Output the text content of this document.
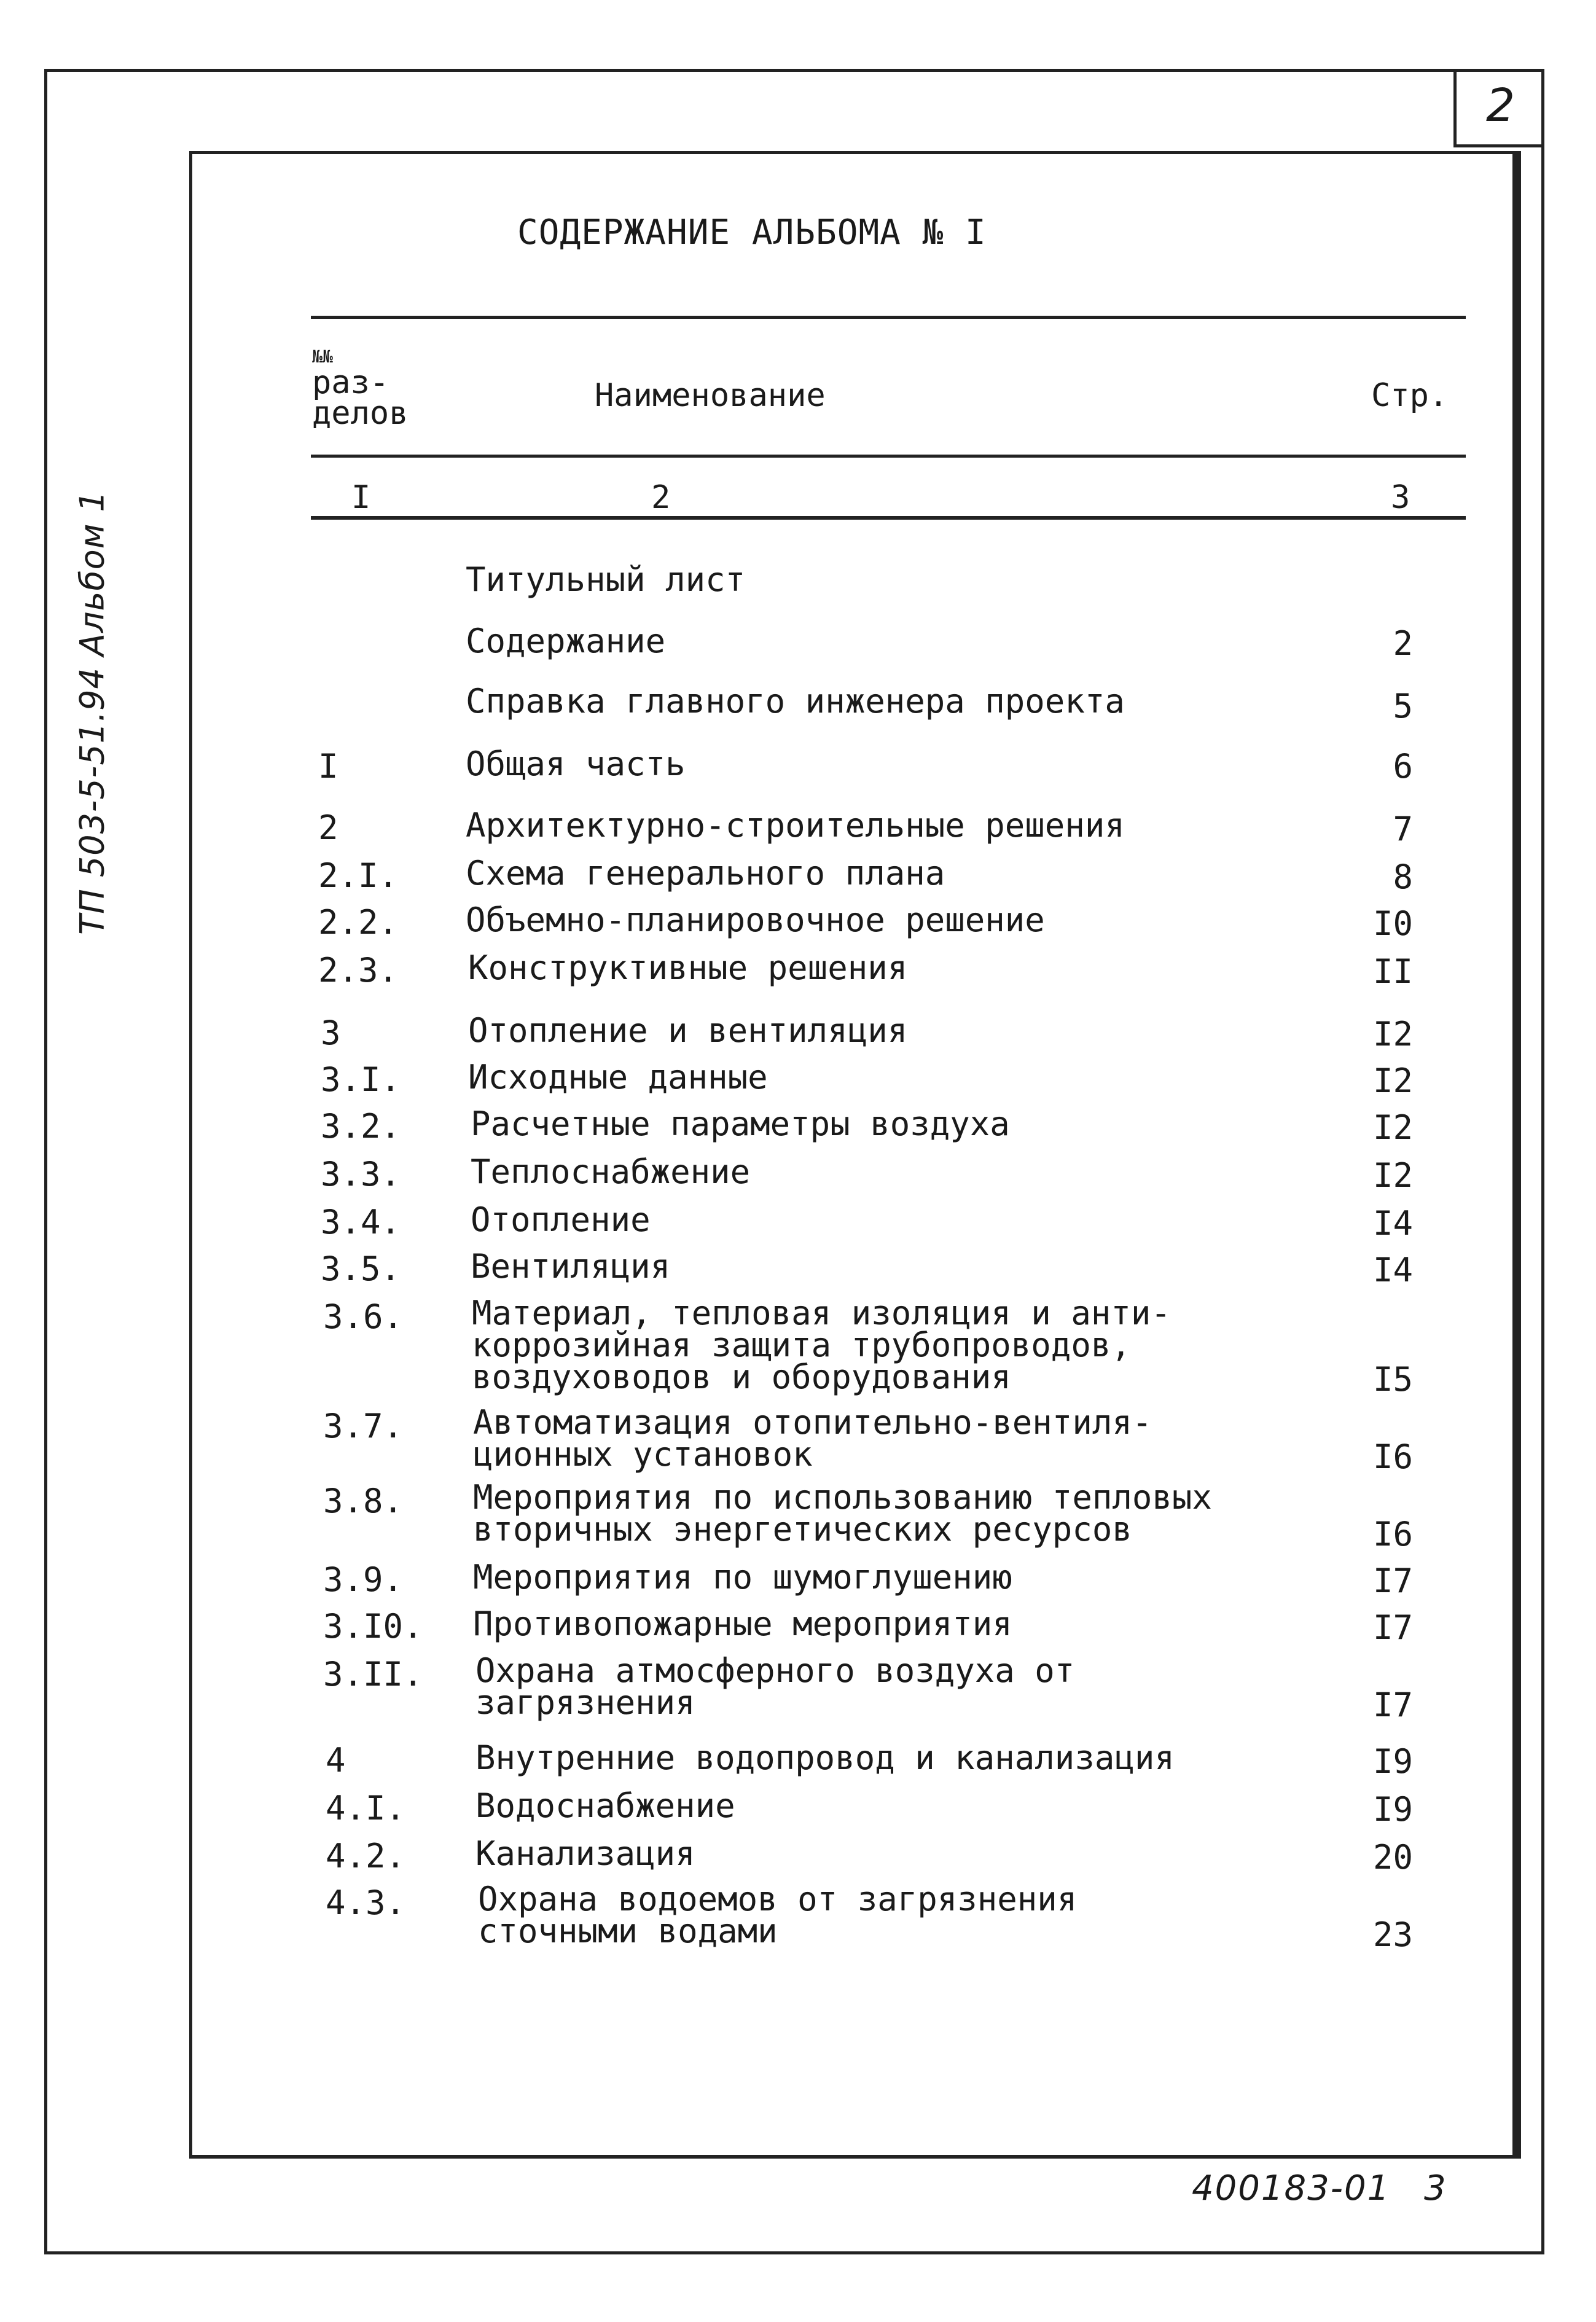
2
ТП 503-5-51.94 Альбом 1
СОДЕРЖАНИЕ АЛЬБОМА № I
№№
раз-
делов	Наименование	Стр.
I	2	3
Титульный лист
Содержание	2
Справка главного инженера проекта	5
I	Общая часть	6
2	Архитектурно-строительные решения	7
2.I. Схема генерального плана	8
2.2. Объемно-планировочное решение	I0
2.3. Конструктивные решения	II
3	Отопление и вентиляция	I2
3.I. Исходные данные	I2
3.2. Расчетные параметры воздуха	I2
3.3. Теплоснабжение	I2
3.4. Отопление	I4
3.5. Вентиляция	I4
3.6. Материал, тепловая изоляция и анти-
коррозийная защита трубопроводов,
воздуховодов и оборудования	I5
3.7. Автоматизация отопительно-вентиля-
ционных установок	I6
3.8. Мероприятия по использованию тепловых
вторичных энергетических ресурсов	I6
3.9. Мероприятия по шумоглушению	I7
3.I0. Противопожарные мероприятия	I7
3.II. Охрана атмосферного воздуха от
загрязнения	I7
4	Внутренние водопровод и канализация	I9
4.I. Водоснабжение	I9
4.2. Канализация	20
4.3. Охрана водоемов от загрязнения
сточными водами	23
400183-01 3
